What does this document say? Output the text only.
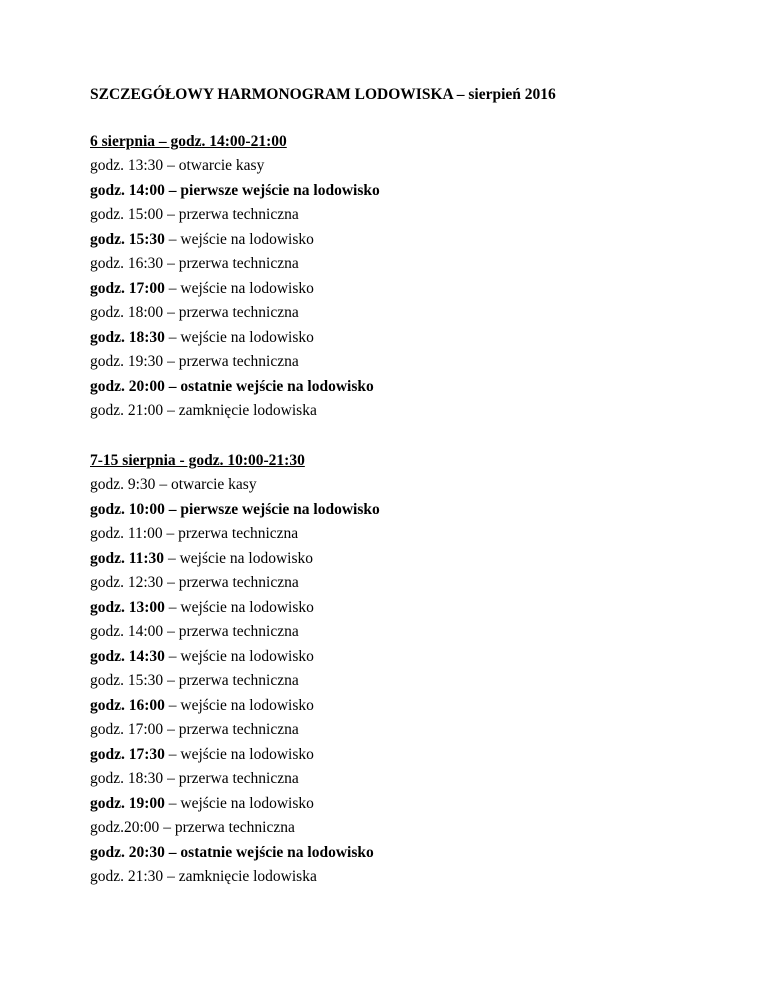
SZCZEGÓŁOWY HARMONOGRAM LODOWISKA – sierpień 2016
6 sierpnia – godz. 14:00-21:00
godz. 13:30 – otwarcie kasy
godz. 14:00 – pierwsze wejście na lodowisko
godz. 15:00 – przerwa techniczna
godz. 15:30 – wejście na lodowisko
godz. 16:30 – przerwa techniczna
godz. 17:00 – wejście na lodowisko
godz. 18:00 – przerwa techniczna
godz. 18:30 – wejście na lodowisko
godz. 19:30 – przerwa techniczna
godz. 20:00 – ostatnie wejście na lodowisko
godz. 21:00 – zamknięcie lodowiska
7-15 sierpnia - godz. 10:00-21:30
godz. 9:30 – otwarcie kasy
godz. 10:00 – pierwsze wejście na lodowisko
godz. 11:00 – przerwa techniczna
godz. 11:30 – wejście na lodowisko
godz. 12:30 – przerwa techniczna
godz. 13:00 – wejście na lodowisko
godz. 14:00 – przerwa techniczna
godz. 14:30 – wejście na lodowisko
godz. 15:30 – przerwa techniczna
godz. 16:00 – wejście na lodowisko
godz. 17:00 – przerwa techniczna
godz. 17:30 – wejście na lodowisko
godz. 18:30 – przerwa techniczna
godz. 19:00 – wejście na lodowisko
godz.20:00 – przerwa techniczna
godz. 20:30 – ostatnie wejście na lodowisko
godz. 21:30 – zamknięcie lodowiska
